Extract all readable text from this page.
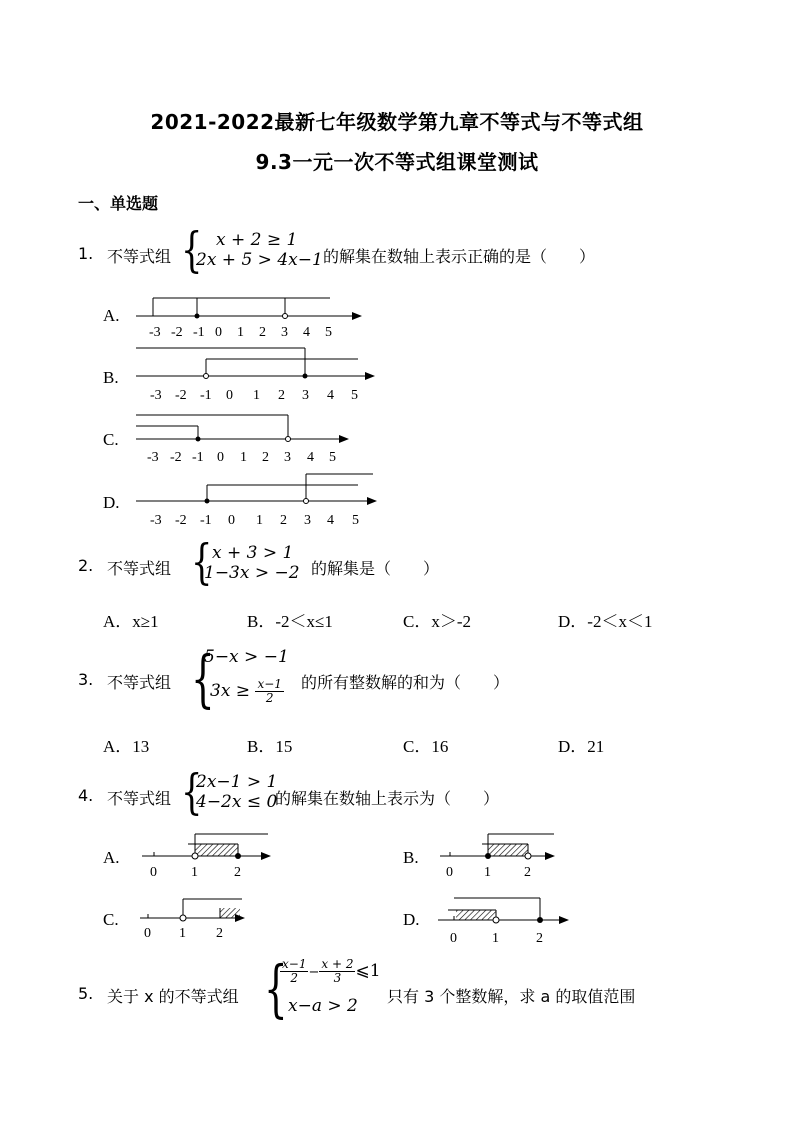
2021-2022最新七年级数学第九章不等式与不等式组
9.3一元一次不等式组课堂测试
一、单选题
1. 不等式组 { x + 2 ≥ 1
2x + 5 > 4x−1 的解集在数轴上表示正确的是（　　）
A.
-3 -2 -1 0 1 2 3 4 5
B.
-3 -2 -1 0 1 2 3 4 5
C.
-3 -2 -1 0 1 2 3 4 5
D.
-3 -2 -1 0 1 2 3 4 5
2. 不等式组 { x + 3 > 1
1−3x > −2 的解集是（　　）
A．x≥1	B．-2＜x≤1	C．x＞-2	D．-2＜x＜1
3. 不等式组 {
5−x > −1
$3x \ge \frac{x-1}{2}$ 的所有整数解的和为（　　）
A．13	B．15	C．16	D．21
4. 不等式组 {
2x−1 > 1
4−2x ≤ 0
的解集在数轴上表示为（　　）
A.
0 1	2
B.
0 1 2
C.
0 1 2
D.
0	1	2
5. 关于 x 的不等式组 {
$\frac{x-1}{2} - \frac{x + 2}{3}$ ⩽1
x−a > 2 只有 3 个整数解，求 a 的取值范围
